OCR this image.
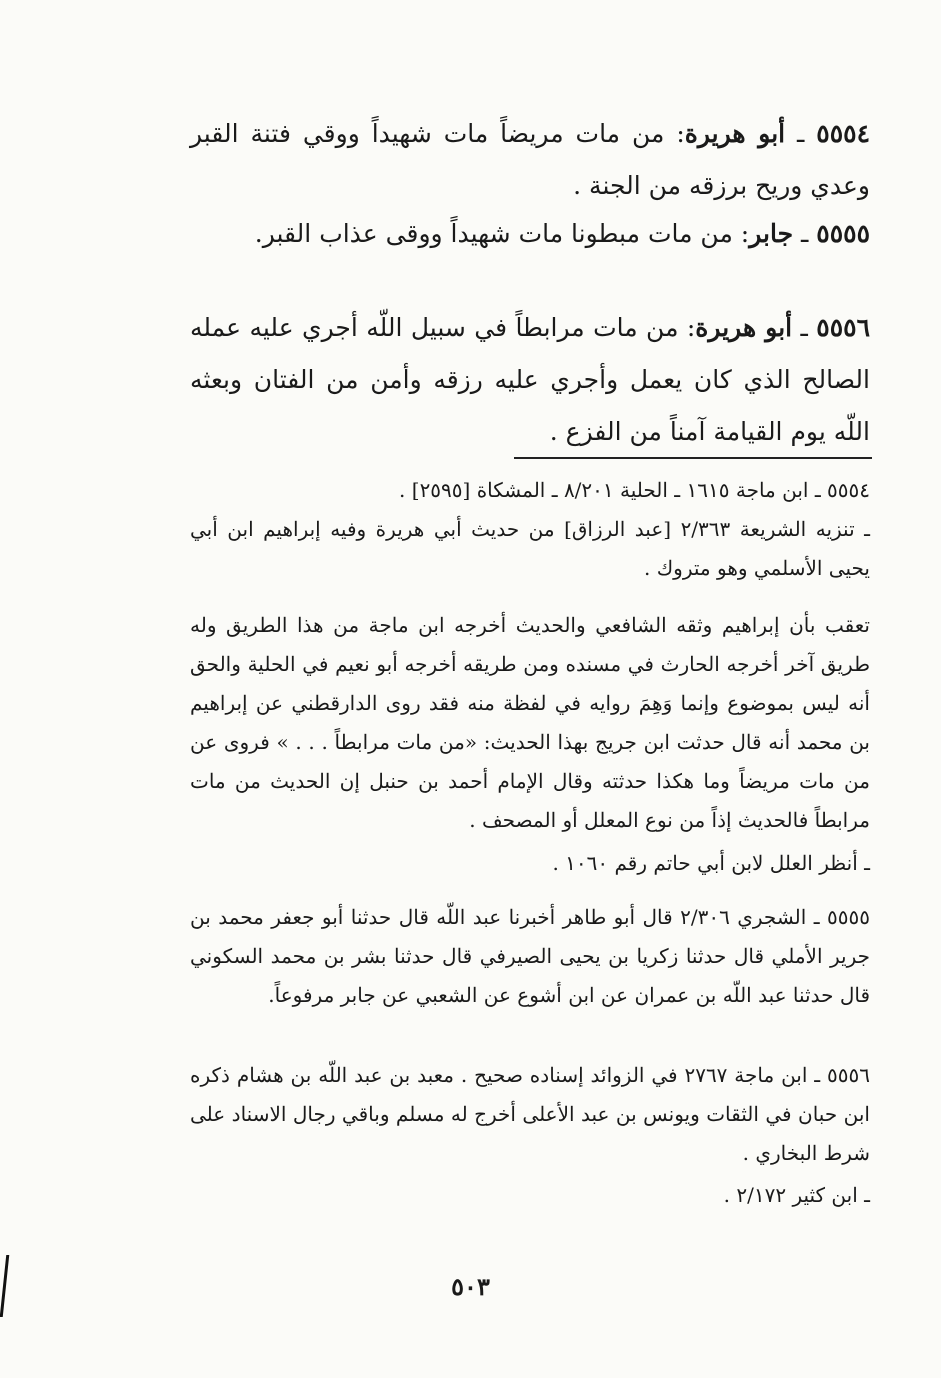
٥٥٥٤ ـ أبو هريرة: من مات مريضاً مات شهيداً ووقي فتنة القبر وعدي وريح برزقه من الجنة .
٥٥٥٥ ـ جابر: من مات مبطونا مات شهيداً ووقى عذاب القبر.
٥٥٥٦ ـ أبو هريرة: من مات مرابطاً في سبيل اللّه أجري عليه عمله الصالح الذي كان يعمل وأجري عليه رزقه وأمن من الفتان وبعثه اللّه يوم القيامة آمناً من الفزع .
٥٥٥٤ ـ ابن ماجة ١٦١٥ ـ الحلية ٨/٢٠١ ـ المشكاة [٢٥٩٥] .
ـ تنزيه الشريعة ٢/٣٦٣ [عبد الرزاق] من حديث أبي هريرة وفيه إبراهيم ابن أبي يحيى الأسلمي وهو متروك .
تعقب بأن إبراهيم وثقه الشافعي والحديث أخرجه ابن ماجة من هذا الطريق وله طريق آخر أخرجه الحارث في مسنده ومن طريقه أخرجه أبو نعيم في الحلية والحق أنه ليس بموضوع وإنما وَهِمَ روايه في لفظة منه فقد روى الدارقطني عن إبراهيم بن محمد أنه قال حدثت ابن جريج بهذا الحديث: «من مات مرابطاً . . . » فروى عن من مات مريضاً وما هكذا حدثته وقال الإمام أحمد بن حنبل إن الحديث من مات مرابطاً فالحديث إذاً من نوع المعلل أو المصحف .
ـ أنظر العلل لابن أبي حاتم رقم ١٠٦٠ .
٥٥٥٥ ـ الشجري ٢/٣٠٦ قال أبو طاهر أخبرنا عبد اللّه قال حدثنا أبو جعفر محمد بن جرير الأملي قال حدثنا زكريا بن يحيى الصيرفي قال حدثنا بشر بن محمد السكوني قال حدثنا عبد اللّه بن عمران عن ابن أشوع عن الشعبي عن جابر مرفوعاً.
٥٥٥٦ ـ ابن ماجة ٢٧٦٧ في الزوائد إسناده صحيح . معبد بن عبد اللّه بن هشام ذكره ابن حبان في الثقات ويونس بن عبد الأعلى أخرج له مسلم وباقي رجال الاسناد على شرط البخاري .
ـ ابن كثير ٢/١٧٢ .
٥٠٣
